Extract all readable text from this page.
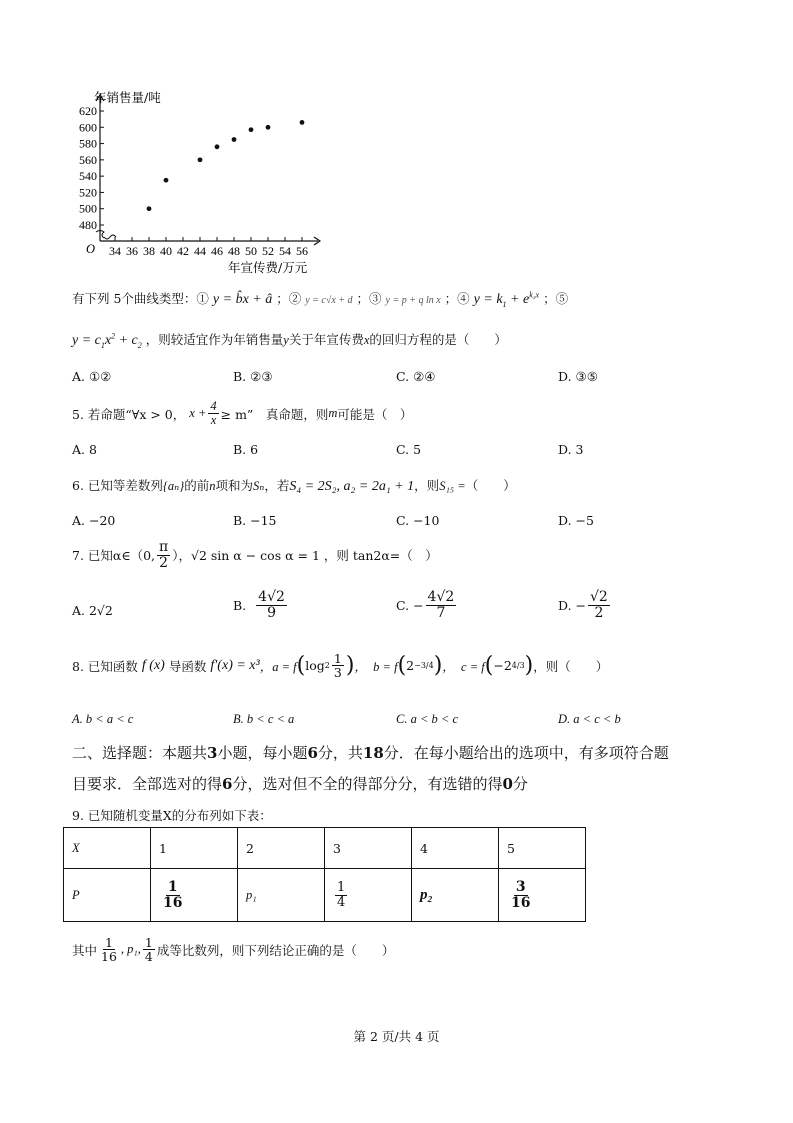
年销售量/吨
480
500
520
540
560
580
600
620
34 36 38 40 42 44 46 48 50 52 54 56
年宣传费/万元
O
有下列 5个曲线类型：① y = b̂x + â ；② y = c√x + d ；③ y = p + q ln x ；④ $y = k_1 + e^{k_2x}$ ；⑤
$y = c_1x^2 + c_2$ ，则较适宜作为年销售量y关于年宣传费x的回归方程的是（　　）
A. ①②	B. ②③	C. ②④	D. ③⑤
5. 若命题“∀x > 0， $x + \frac{4}{x} \ge m$”　真命题，则 m 可能是（　）
A. 8	B. 6	C. 5	D. 3
6. 已知等差数列{aₙ}的前n项和为Sₙ，若S₄ = 2S₂, a₂ = 2a₁ + 1，则S₁₅ =（　　）
A. −20	B. −15	C. −10	D. −5
7. 已知α∈（0, $\frac{\pi}{2}$ ），√2 sin α − cos α = 1 ，则 tan2α=（　）
A. 2√2	B. $\frac{4√2}{9}$	C. − $\frac{4√2}{7}$	D. − $\frac{√2}{2}$
8. 已知函数 f (x) 导函数 f′(x) = x³ ，a = f ( $\log 2 \frac{1}{3}$ ) ，　b = f ( 2 −3/4 ) ，　c = f ( −2 4/3 ) ，则（　　）
A. b < a < c	B. b < c < a	C. a < b < c	D. a < c < b
二、选择题：本题共3小题，每小题6分，共18分．在每小题给出的选项中，有多项符合题
目要求．全部选对的得6分，选对但不全的得部分分，有选错的得0分
9. 已知随机变量X的分布列如下表：
X	1	2	3	4	5
P	$\frac{1}{16}$	p₁	$\frac{1}{4}$	p₂	$\frac{3}{16}$
其中 $\frac{1}{16}$ , p₁, $\frac{1}{4}$ 成等比数列，则下列结论正确的是（　　）
第 2 页/共 4 页
